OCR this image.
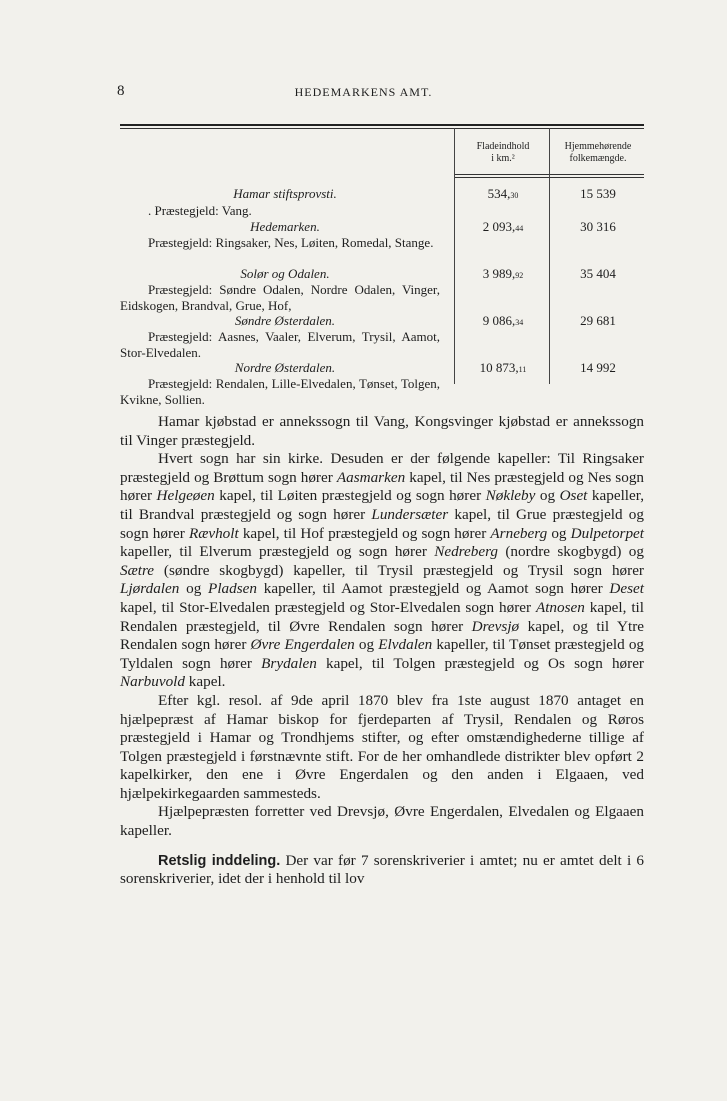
8	HEDEMARKENS AMT.
Fladeindhold
i km.²
Hjemmehørende
folkemængde.
Hamar stiftsprovsti.
. Præstegjeld: Vang.
534,30	15 539
Hedemarken.
Præstegjeld: Ringsaker, Nes, Løiten, Romedal, Stange.
2 093,44	30 316
Solør og Odalen.
Præstegjeld: Søndre Odalen, Nordre Odalen, Vinger, Eidskogen, Brandval, Grue, Hof,
3 989,92	35 404
Søndre Østerdalen.
Præstegjeld: Aasnes, Vaaler, Elverum, Trysil, Aamot, Stor-Elvedalen.
9 086,34	29 681
Nordre Østerdalen.
Præstegjeld: Rendalen, Lille-Elvedalen, Tønset, Tolgen, Kvikne, Sollien.
10 873,11	14 992

Hamar kjøbstad er annekssogn til Vang, Kongsvinger kjøbstad er annekssogn til Vinger præstegjeld.

Hvert sogn har sin kirke. Desuden er der følgende kapeller: Til Ringsaker præstegjeld og Brøttum sogn hører Aasmarken kapel, til Nes præstegjeld og Nes sogn hører Helgeøen kapel, til Løiten præstegjeld og sogn hører Nøkleby og Oset kapeller, til Brandval præstegjeld og sogn hører Lundersæter kapel, til Grue præstegjeld og sogn hører Rævholt kapel, til Hof præstegjeld og sogn hører Arneberg og Dulpetorpet kapeller, til Elverum præstegjeld og sogn hører Nedreberg (nordre skogbygd) og Sætre (søndre skogbygd) kapeller, til Trysil præstegjeld og Trysil sogn hører Ljørdalen og Pladsen kapeller, til Aamot præstegjeld og Aamot sogn hører Deset kapel, til Stor-Elvedalen præstegjeld og Stor-Elvedalen sogn hører Atnosen kapel, til Rendalen præstegjeld, til Øvre Rendalen sogn hører Drevsjø kapel, og til Ytre Rendalen sogn hører Øvre Engerdalen og Elvdalen kapeller, til Tønset præstegjeld og Tyldalen sogn hører Brydalen kapel, til Tolgen præstegjeld og Os sogn hører Narbuvold kapel.

Efter kgl. resol. af 9de april 1870 blev fra 1ste august 1870 antaget en hjælpepræst af Hamar biskop for fjerdeparten af Trysil, Rendalen og Røros præstegjeld i Hamar og Trondhjems stifter, og efter omstændighederne tillige af Tolgen præstegjeld i førstnævnte stift. For de her omhandlede distrikter blev opført 2 kapelkirker, den ene i Øvre Engerdalen og den anden i Elgaaen, ved hjælpekirkegaarden sammesteds.

Hjælpepræsten forretter ved Drevsjø, Øvre Engerdalen, Elvedalen og Elgaaen kapeller.

Retslig inddeling. Der var før 7 sorenskriverier i amtet; nu er amtet delt i 6 sorenskriverier, idet der i henhold til lov
